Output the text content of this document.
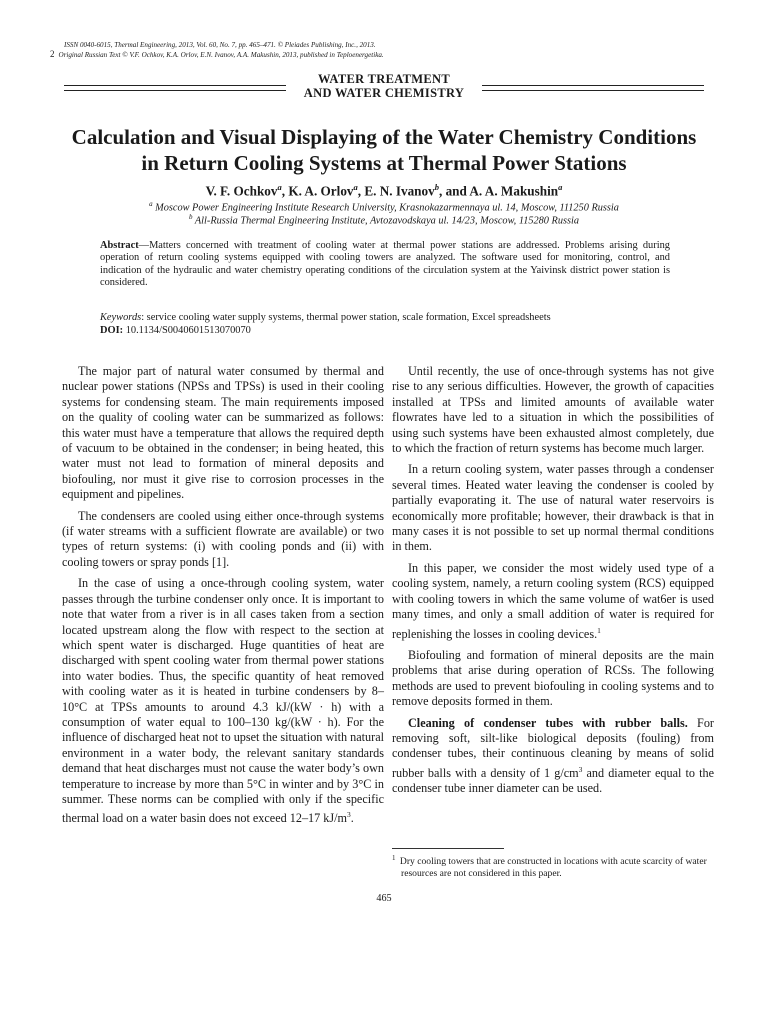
ISSN 0040-6015, Thermal Engineering, 2013, Vol. 60, No. 7, pp. 465–471. © Pleiades Publishing, Inc., 2013.
2 Original Russian Text © V.F. Ochkov, K.A. Orlov, E.N. Ivanov, A.A. Makushin, 2013, published in Teploenergetika.
WATER TREATMENT
AND WATER CHEMISTRY
Calculation and Visual Displaying of the Water Chemistry Conditions
in Return Cooling Systems at Thermal Power Stations
V. F. Ochkov$^a$, K. A. Orlov$^a$, E. N. Ivanov$^b$, and A. A. Makushin$^a$
$^a$ Moscow Power Engineering Institute Research University, Krasnokazarmennaya ul. 14, Moscow, 111250 Russia
$^b$ All-Russia Thermal Engineering Institute, Avtozavodskaya ul. 14/23, Moscow, 115280 Russia
Abstract—Matters concerned with treatment of cooling water at thermal power stations are addressed. Problems arising during operation of return cooling systems equipped with cooling towers are analyzed. The software used for monitoring, control, and indication of the hydraulic and water chemistry operating conditions of the circulation system at the Yaivinsk district power station is considered.
Keywords: service cooling water supply systems, thermal power station, scale formation, Excel spreadsheets
DOI: 10.1134/S0040601513070070

The major part of natural water consumed by thermal and nuclear power stations (NPSs and TPSs) is used in their cooling systems for condensing steam. The main requirements imposed on the quality of cooling water can be summarized as follows: this water must have a temperature that allows the required depth of vacuum to be obtained in the condenser; in being heated, this water must not lead to formation of mineral deposits and biofouling, nor must it give rise to corrosion processes in the equipment and pipelines.

The condensers are cooled using either once-through systems (if water streams with a sufficient flowrate are available) or two types of return systems: (i) with cooling ponds and (ii) with cooling towers or spray ponds [1].

In the case of using a once-through cooling system, water passes through the turbine condenser only once. It is important to note that water from a river is in all cases taken from a section located upstream along the flow with respect to the section at which spent water is discharged. Huge quantities of heat are discharged with spent cooling water from thermal power stations into water bodies. Thus, the specific quantity of heat removed with cooling water as it is heated in turbine condensers by 8–10°C at TPSs amounts to around 4.3 kJ/(kW · h) with a consumption of water equal to 100–130 kg/(kW · h). For the influence of discharged heat not to upset the situation with natural environment in a water body, the relevant sanitary standards demand that heat discharges must not cause the water body’s own temperature to increase by more than 5°C in winter and by 3°C in summer. These norms can be complied with only if the specific thermal load on a water basin does not exceed 12–17 $kJ/m^3$.

Until recently, the use of once-through systems has not give rise to any serious difficulties. However, the growth of capacities installed at TPSs and limited amounts of available water flowrates have led to a situation in which the possibilities of using such systems have been exhausted almost completely, due to which the fraction of return systems has become much larger.

In a return cooling system, water passes through a condenser several times. Heated water leaving the condenser is cooled by partially evaporating it. The use of natural water reservoirs is economically more profitable; however, their drawback is that in many cases it is not possible to set up normal thermal conditions in them.

In this paper, we consider the most widely used type of a cooling system, namely, a return cooling system (RCS) equipped with cooling towers in which the same volume of wat6er is used many times, and only a small addition of water is required for replenishing the losses in cooling devices.$^1$

Biofouling and formation of mineral deposits are the main problems that arise during operation of RCSs. The following methods are used to prevent biofouling in cooling systems and to remove deposits formed in them.

Cleaning of condenser tubes with rubber balls. For removing soft, silt-like biological deposits (fouling) from condenser tubes, their continuous cleaning by means of solid rubber balls with a density of 1 $g/cm^3$ and diameter equal to the condenser tube inner diameter can be used.

$^1$ Dry cooling towers that are constructed in locations with acute scarcity of water resources are not considered in this paper.
465
